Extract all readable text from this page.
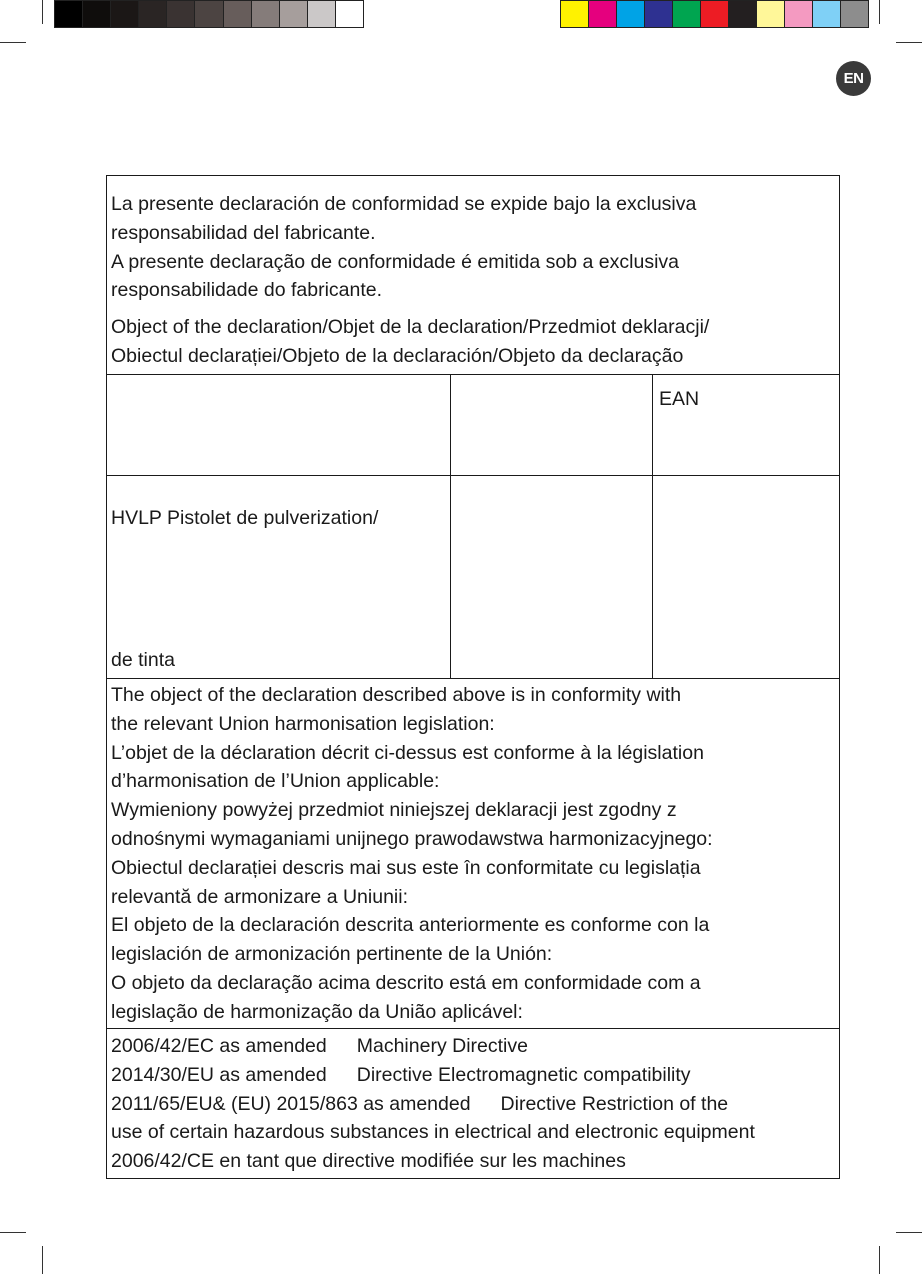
EN
La presente declaración de conformidad se expide bajo la exclusiva
responsabilidad del fabricante.
A presente declaração de conformidade é emitida sob a exclusiva
responsabilidade do fabricante.
Object of the declaration/Objet de la declaration/Przedmiot deklaracji/
Obiectul declarației/Objeto de la declaración/Objeto da declaração
EAN
HVLP Pistolet de pulverization/
de tinta
The object of the declaration described above is in conformity with
the relevant Union harmonisation legislation:
L’objet de la déclaration décrit ci-dessus est conforme à la législation
d’harmonisation de l’Union applicable:
Wymieniony powyżej przedmiot niniejszej deklaracji jest zgodny z
odnośnymi wymaganiami unijnego prawodawstwa harmonizacyjnego:
Obiectul declarației descris mai sus este în conformitate cu legislația
relevantă de armonizare a Uniunii:
El objeto de la declaración descrita anteriormente es conforme con la
legislación de armonización pertinente de la Unión:
O objeto da declaração acima descrito está em conformidade com a
legislação de harmonização da União aplicável:
2006/42/EC as amended Machinery Directive
2014/30/EU as amended Directive Electromagnetic compatibility
2011/65/EU& (EU) 2015/863 as amended Directive Restriction of the
use of certain hazardous substances in electrical and electronic equipment
2006/42/CE en tant que directive modifiée sur les machines
